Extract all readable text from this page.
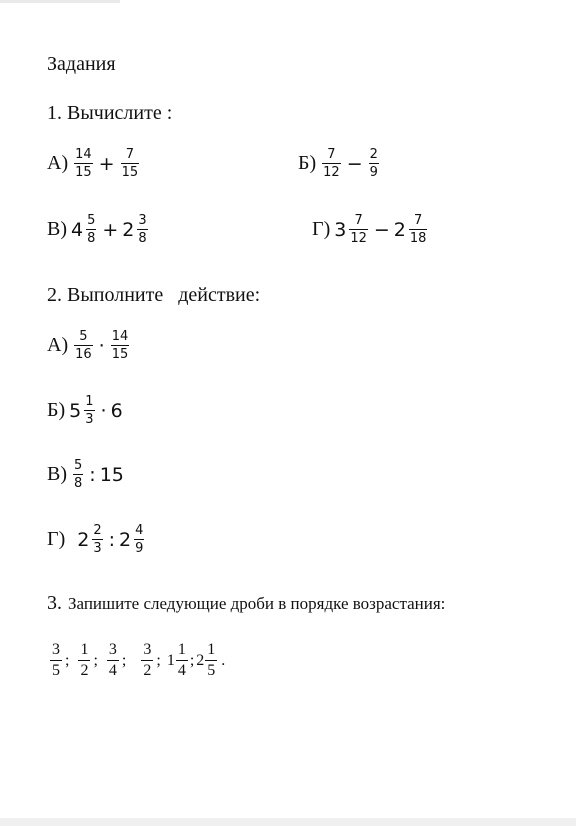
Задания
1. Вычислите :
$А) \frac{14}{15} + \frac{7}{15}$	$Б) \frac{7}{12} - \frac{2}{9}$
В) $4 \frac{5}{8} + 2 \frac{3}{8}$	Г) $3 \frac{7}{12} - 2 \frac{7}{18}$
2. Выполните   действие:
$А) \frac{5}{16} \cdot \frac{14}{15}$
Б) $5 \frac{1}{3} \cdot 6$
$В) \frac{5}{8}$ : 15
Г) $2 \frac{2}{3}$ : $2 \frac{4}{9}$
3. Запишите следующие дроби в порядке возрастания:
$\frac{3}{5}$ ; $\frac{1}{2}$ ; $\frac{3}{4}$ ; $\frac{3}{2}$ ; $1 \frac{1}{4}$ ; $2 \frac{1}{5}$ .
